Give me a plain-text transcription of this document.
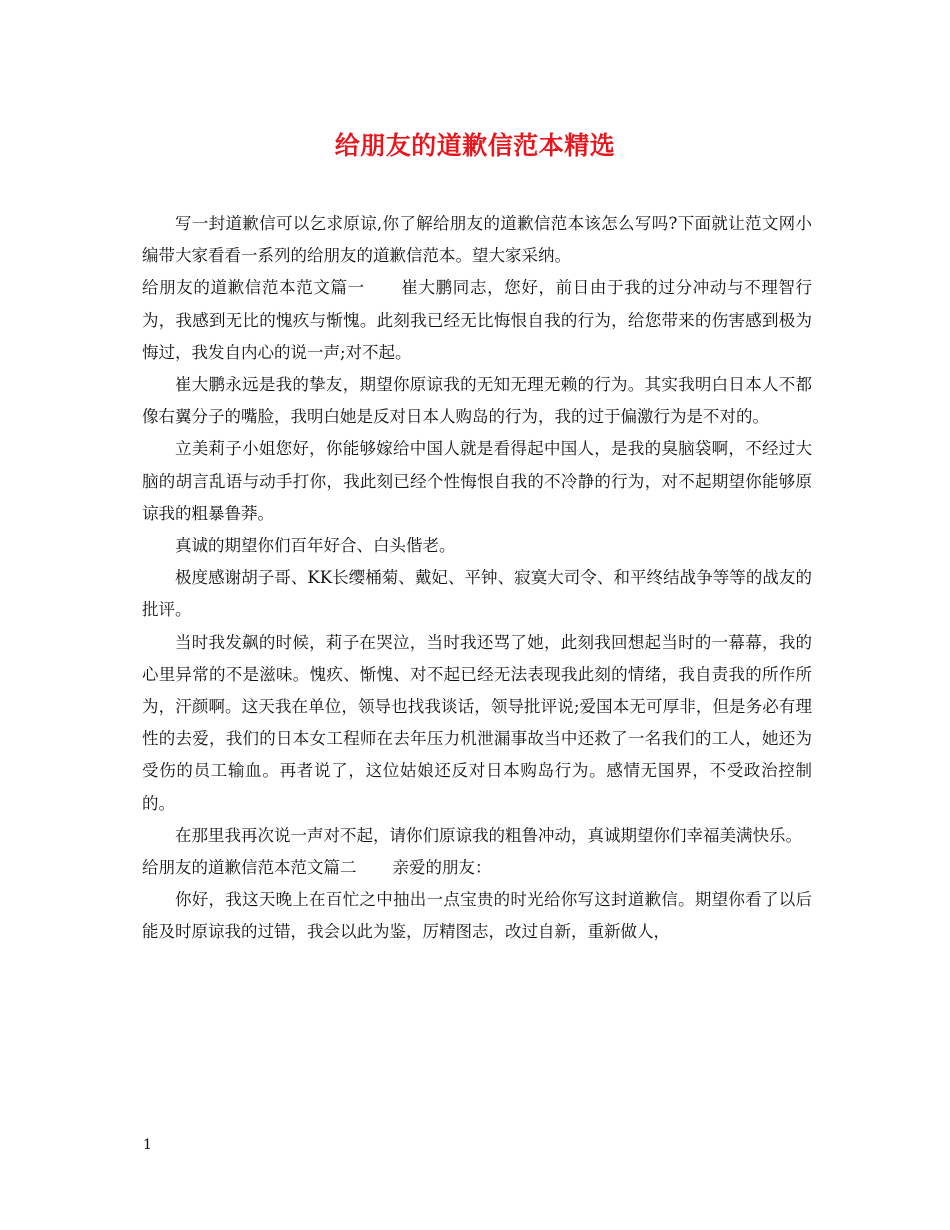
给朋友的道歉信范本精选

写一封道歉信可以乞求原谅,你了解给朋友的道歉信范本该怎么写吗?下面就让范文网小编带大家看看一系列的给朋友的道歉信范本。望大家采纳。

给朋友的道歉信范本范文篇一 崔大鹏同志，您好，前日由于我的过分冲动与不理智行为，我感到无比的愧疚与惭愧。此刻我已经无比悔恨自我的行为，给您带来的伤害感到极为悔过，我发自内心的说一声;对不起。

崔大鹏永远是我的挚友，期望你原谅我的无知无理无赖的行为。其实我明白日本人不都像右翼分子的嘴脸，我明白她是反对日本人购岛的行为，我的过于偏激行为是不对的。

立美莉子小姐您好，你能够嫁给中国人就是看得起中国人，是我的臭脑袋啊，不经过大脑的胡言乱语与动手打你，我此刻已经个性悔恨自我的不冷静的行为，对不起期望你能够原谅我的粗暴鲁莽。

真诚的期望你们百年好合、白头偕老。

极度感谢胡子哥、KK长缨桶菊、戴妃、平钟、寂寞大司令、和平终结战争等等的战友的批评。

当时我发飙的时候，莉子在哭泣，当时我还骂了她，此刻我回想起当时的一幕幕，我的心里异常的不是滋味。愧疚、惭愧、对不起已经无法表现我此刻的情绪，我自责我的所作所为，汗颜啊。这天我在单位，领导也找我谈话，领导批评说;爱国本无可厚非，但是务必有理性的去爱，我们的日本女工程师在去年压力机泄漏事故当中还救了一名我们的工人，她还为受伤的员工输血。再者说了，这位姑娘还反对日本购岛行为。感情无国界，不受政治控制的。

在那里我再次说一声对不起，请你们原谅我的粗鲁冲动，真诚期望你们幸福美满快乐。

给朋友的道歉信范本范文篇二 亲爱的朋友：

你好，我这天晚上在百忙之中抽出一点宝贵的时光给你写这封道歉信。期望你看了以后能及时原谅我的过错，我会以此为鉴，厉精图志，改过自新，重新做人，

1
